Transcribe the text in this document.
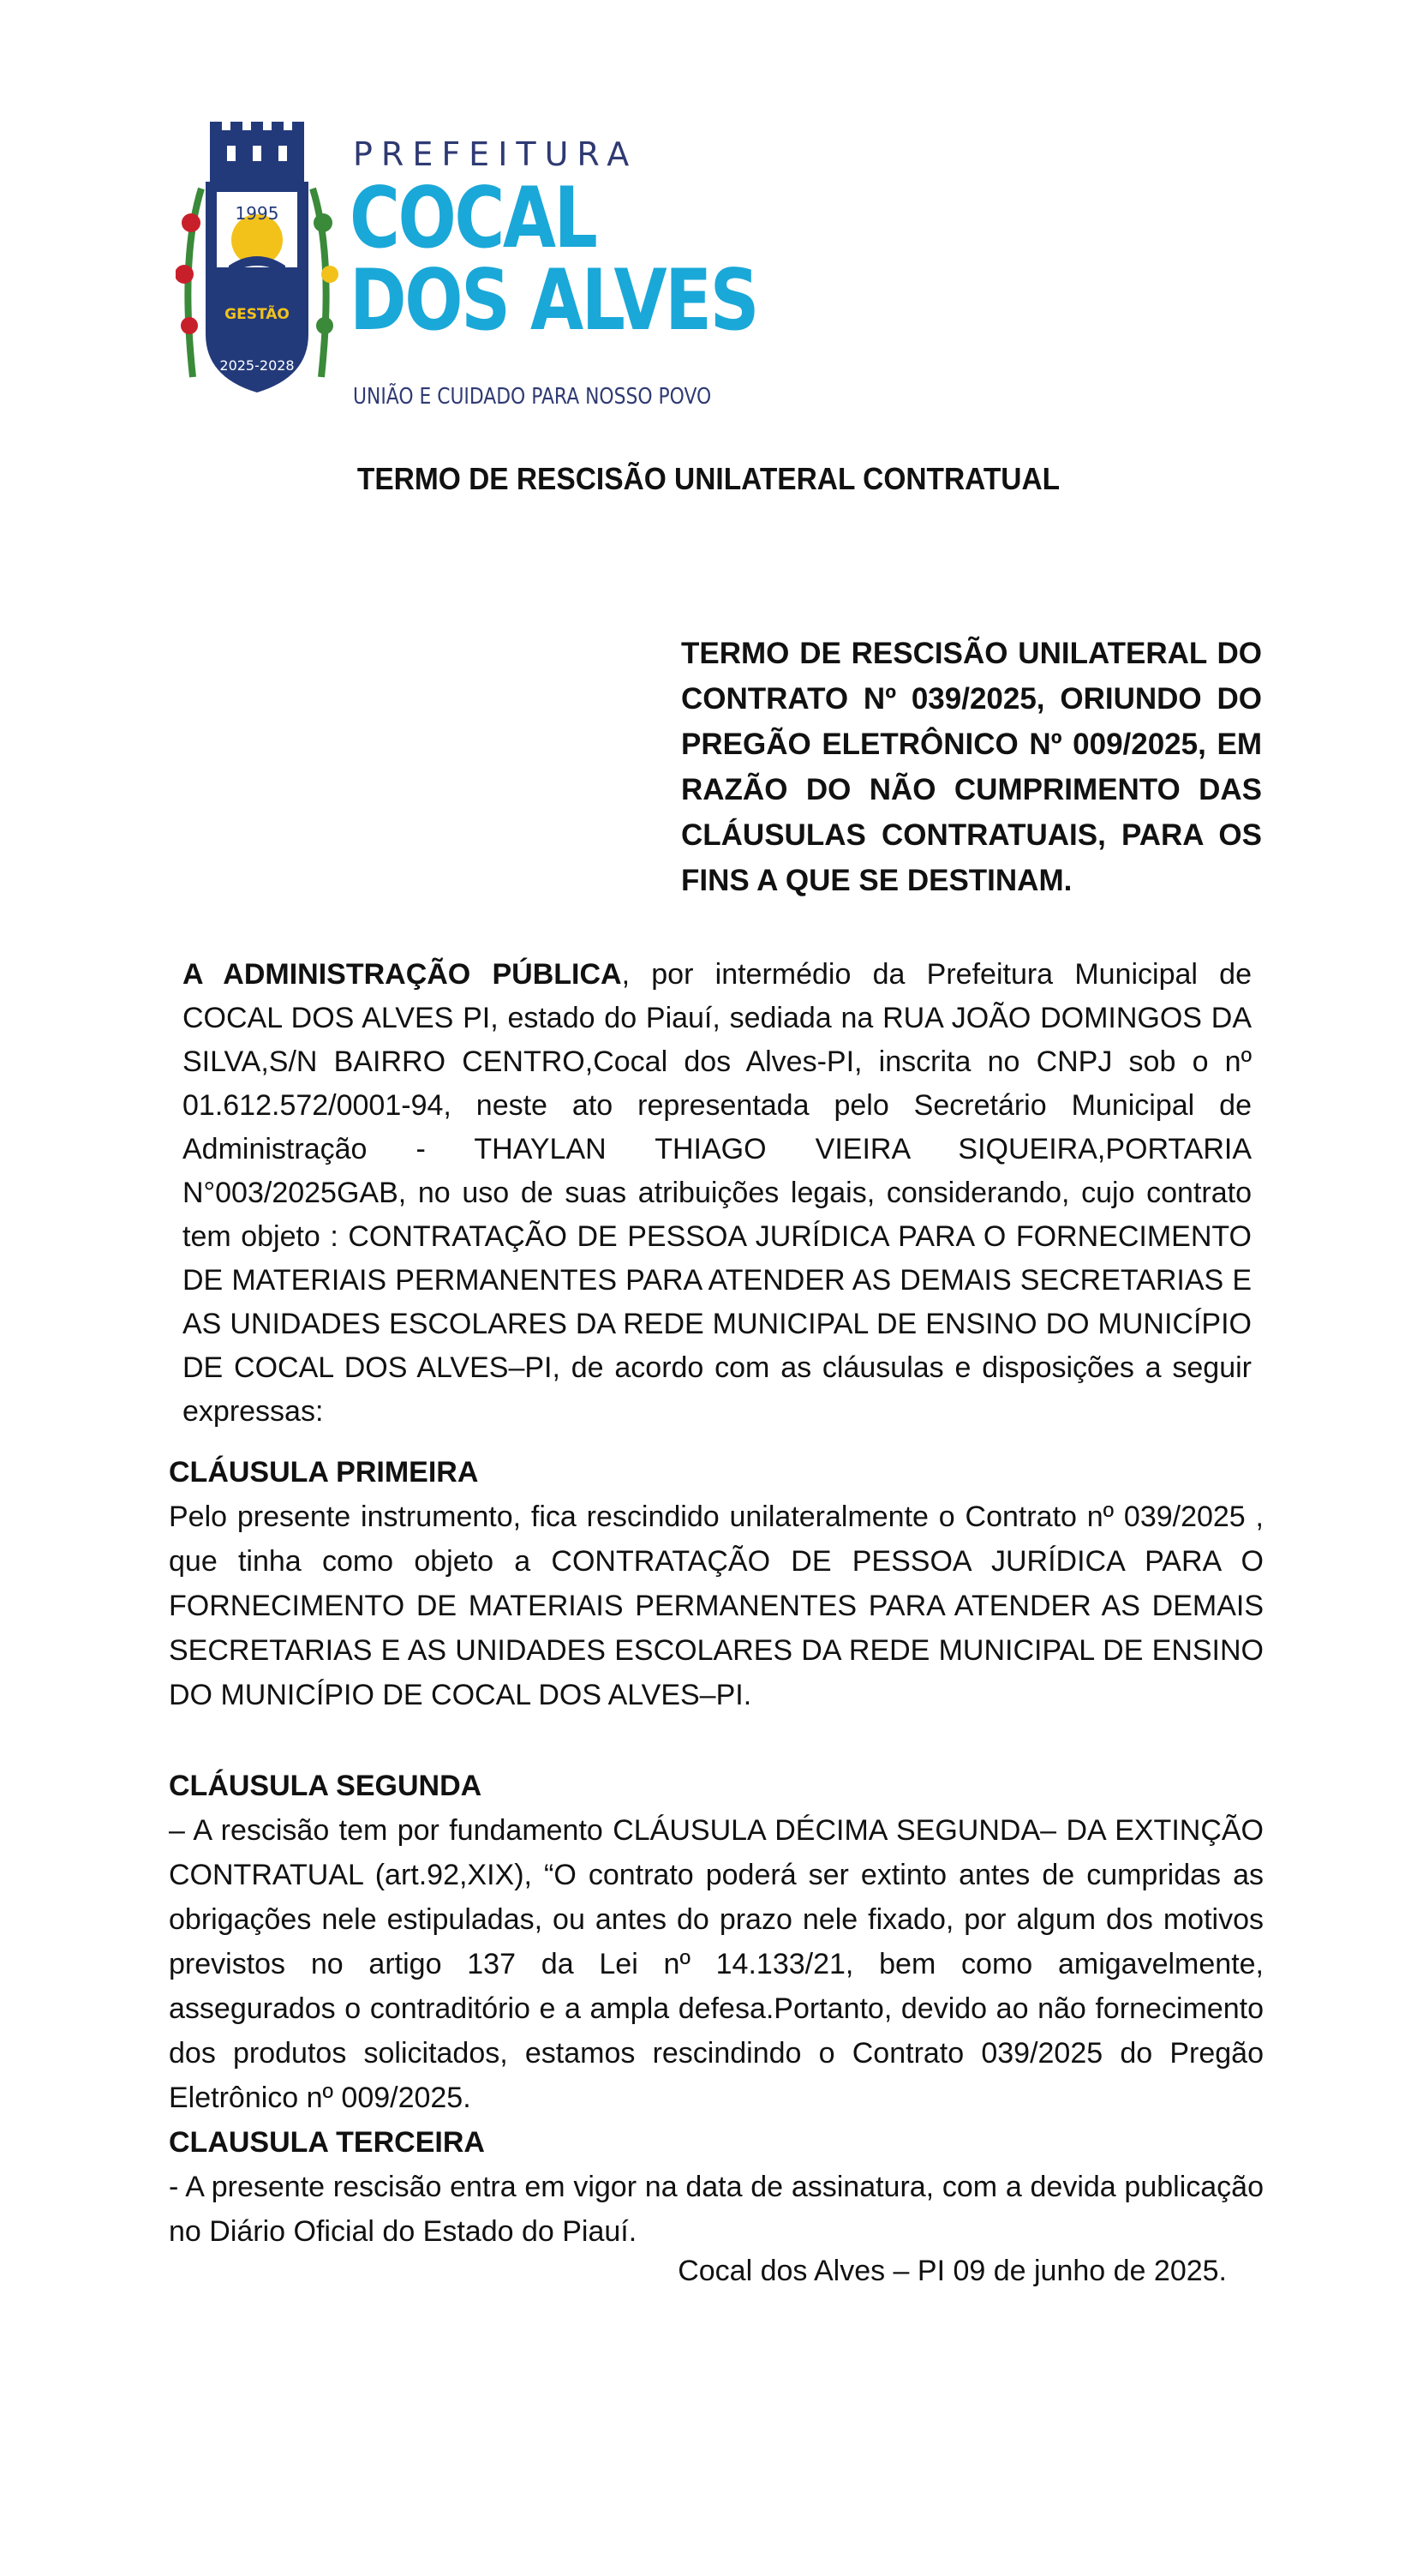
1995
GESTÃO
2025-2028
PREFEITURA
COCAL
DOS ALVES
UNIÃO E CUIDADO PARA NOSSO POVO
TERMO DE RESCISÃO UNILATERAL CONTRATUAL

TERMO DE RESCISÃO UNILATERAL DO CONTRATO Nº 039/2025, ORIUNDO DO PREGÃO ELETRÔNICO Nº 009/2025, EM RAZÃO DO NÃO CUMPRIMENTO DAS CLÁUSULAS CONTRATUAIS, PARA OS FINS A QUE SE DESTINAM.

A ADMINISTRAÇÃO PÚBLICA, por intermédio da Prefeitura Municipal de COCAL DOS ALVES PI, estado do Piauí, sediada na RUA JOÃO DOMINGOS DA SILVA,S/N BAIRRO CENTRO,Cocal dos Alves-PI, inscrita no CNPJ sob o nº 01.612.572/0001-94, neste ato representada pelo Secretário Municipal de Administração - THAYLAN THIAGO VIEIRA SIQUEIRA,PORTARIA N°003/2025GAB, no uso de suas atribuições legais, considerando, cujo contrato tem objeto : CONTRATAÇÃO DE PESSOA JURÍDICA PARA O FORNECIMENTO DE MATERIAIS PERMANENTES PARA ATENDER AS DEMAIS SECRETARIAS E AS UNIDADES ESCOLARES DA REDE MUNICIPAL DE ENSINO DO MUNICÍPIO DE COCAL DOS ALVES–PI, de acordo com as cláusulas e disposições a seguir expressas:

CLÁUSULA PRIMEIRA

Pelo presente instrumento, fica rescindido unilateralmente o Contrato nº 039/2025 , que tinha como objeto a CONTRATAÇÃO DE PESSOA JURÍDICA PARA O FORNECIMENTO DE MATERIAIS PERMANENTES PARA ATENDER AS DEMAIS SECRETARIAS E AS UNIDADES ESCOLARES DA REDE MUNICIPAL DE ENSINO DO MUNICÍPIO DE COCAL DOS ALVES–PI.

CLÁUSULA SEGUNDA

– A rescisão tem por fundamento CLÁUSULA DÉCIMA SEGUNDA– DA EXTINÇÃO CONTRATUAL (art.92,XIX), “O contrato poderá ser extinto antes de cumpridas as obrigações nele estipuladas, ou antes do prazo nele fixado, por algum dos motivos previstos no artigo 137 da Lei nº 14.133/21, bem como amigavelmente, assegurados o contraditório e a ampla defesa.Portanto, devido ao não fornecimento dos produtos solicitados, estamos rescindindo o Contrato 039/2025 do Pregão Eletrônico nº 009/2025.

CLAUSULA TERCEIRA

- A presente rescisão entra em vigor na data de assinatura, com a devida publicação no Diário Oficial do Estado do Piauí.

Cocal dos Alves – PI 09 de junho de 2025.
